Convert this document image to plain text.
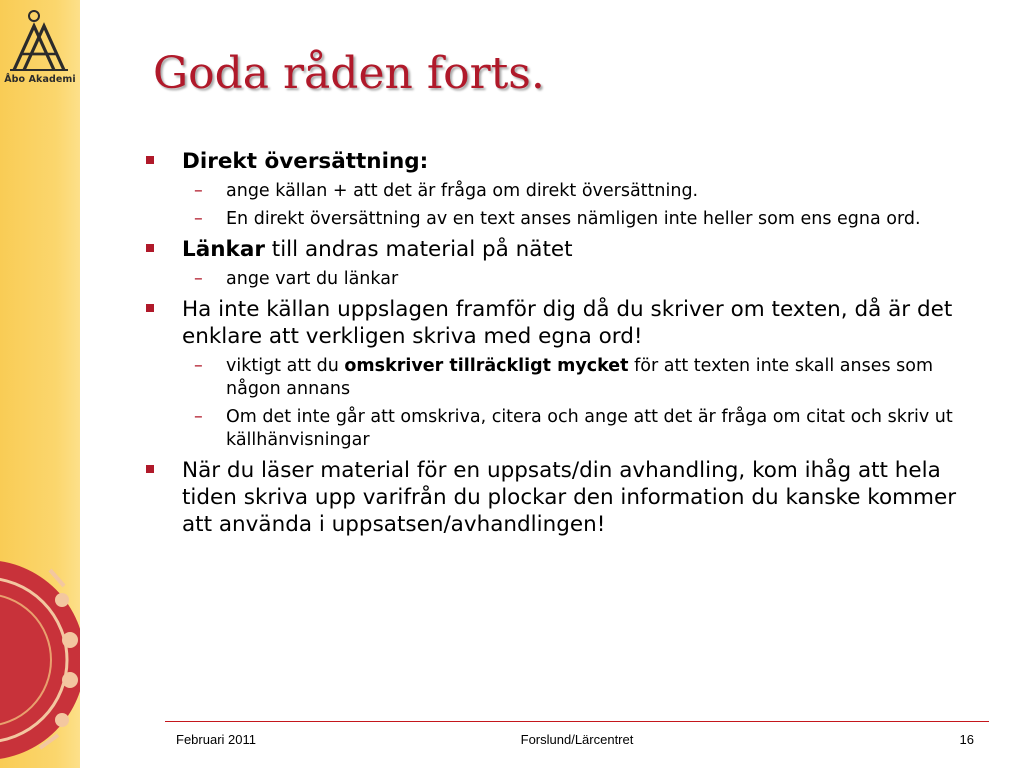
Åbo Akademi Goda råden forts.
Direkt översättning:
– ange källan + att det är fråga om direkt översättning.
– En direkt översättning av en text anses nämligen inte heller som ens egna ord.
Länkar till andras material på nätet
– ange vart du länkar
Ha inte källan uppslagen framför dig då du skriver om texten, då är det enklare att verkligen skriva med egna ord!
– viktigt att du omskriver tillräckligt mycket för att texten inte skall anses som någon annans
– Om det inte går att omskriva, citera och ange att det är fråga om citat och skriv ut källhänvisningar
När du läser material för en uppsats/din avhandling, kom ihåg att hela tiden skriva upp varifrån du plockar den information du kanske kommer att använda i uppsatsen/avhandlingen!
Februari 2011	Forslund/Lärcentret	16
